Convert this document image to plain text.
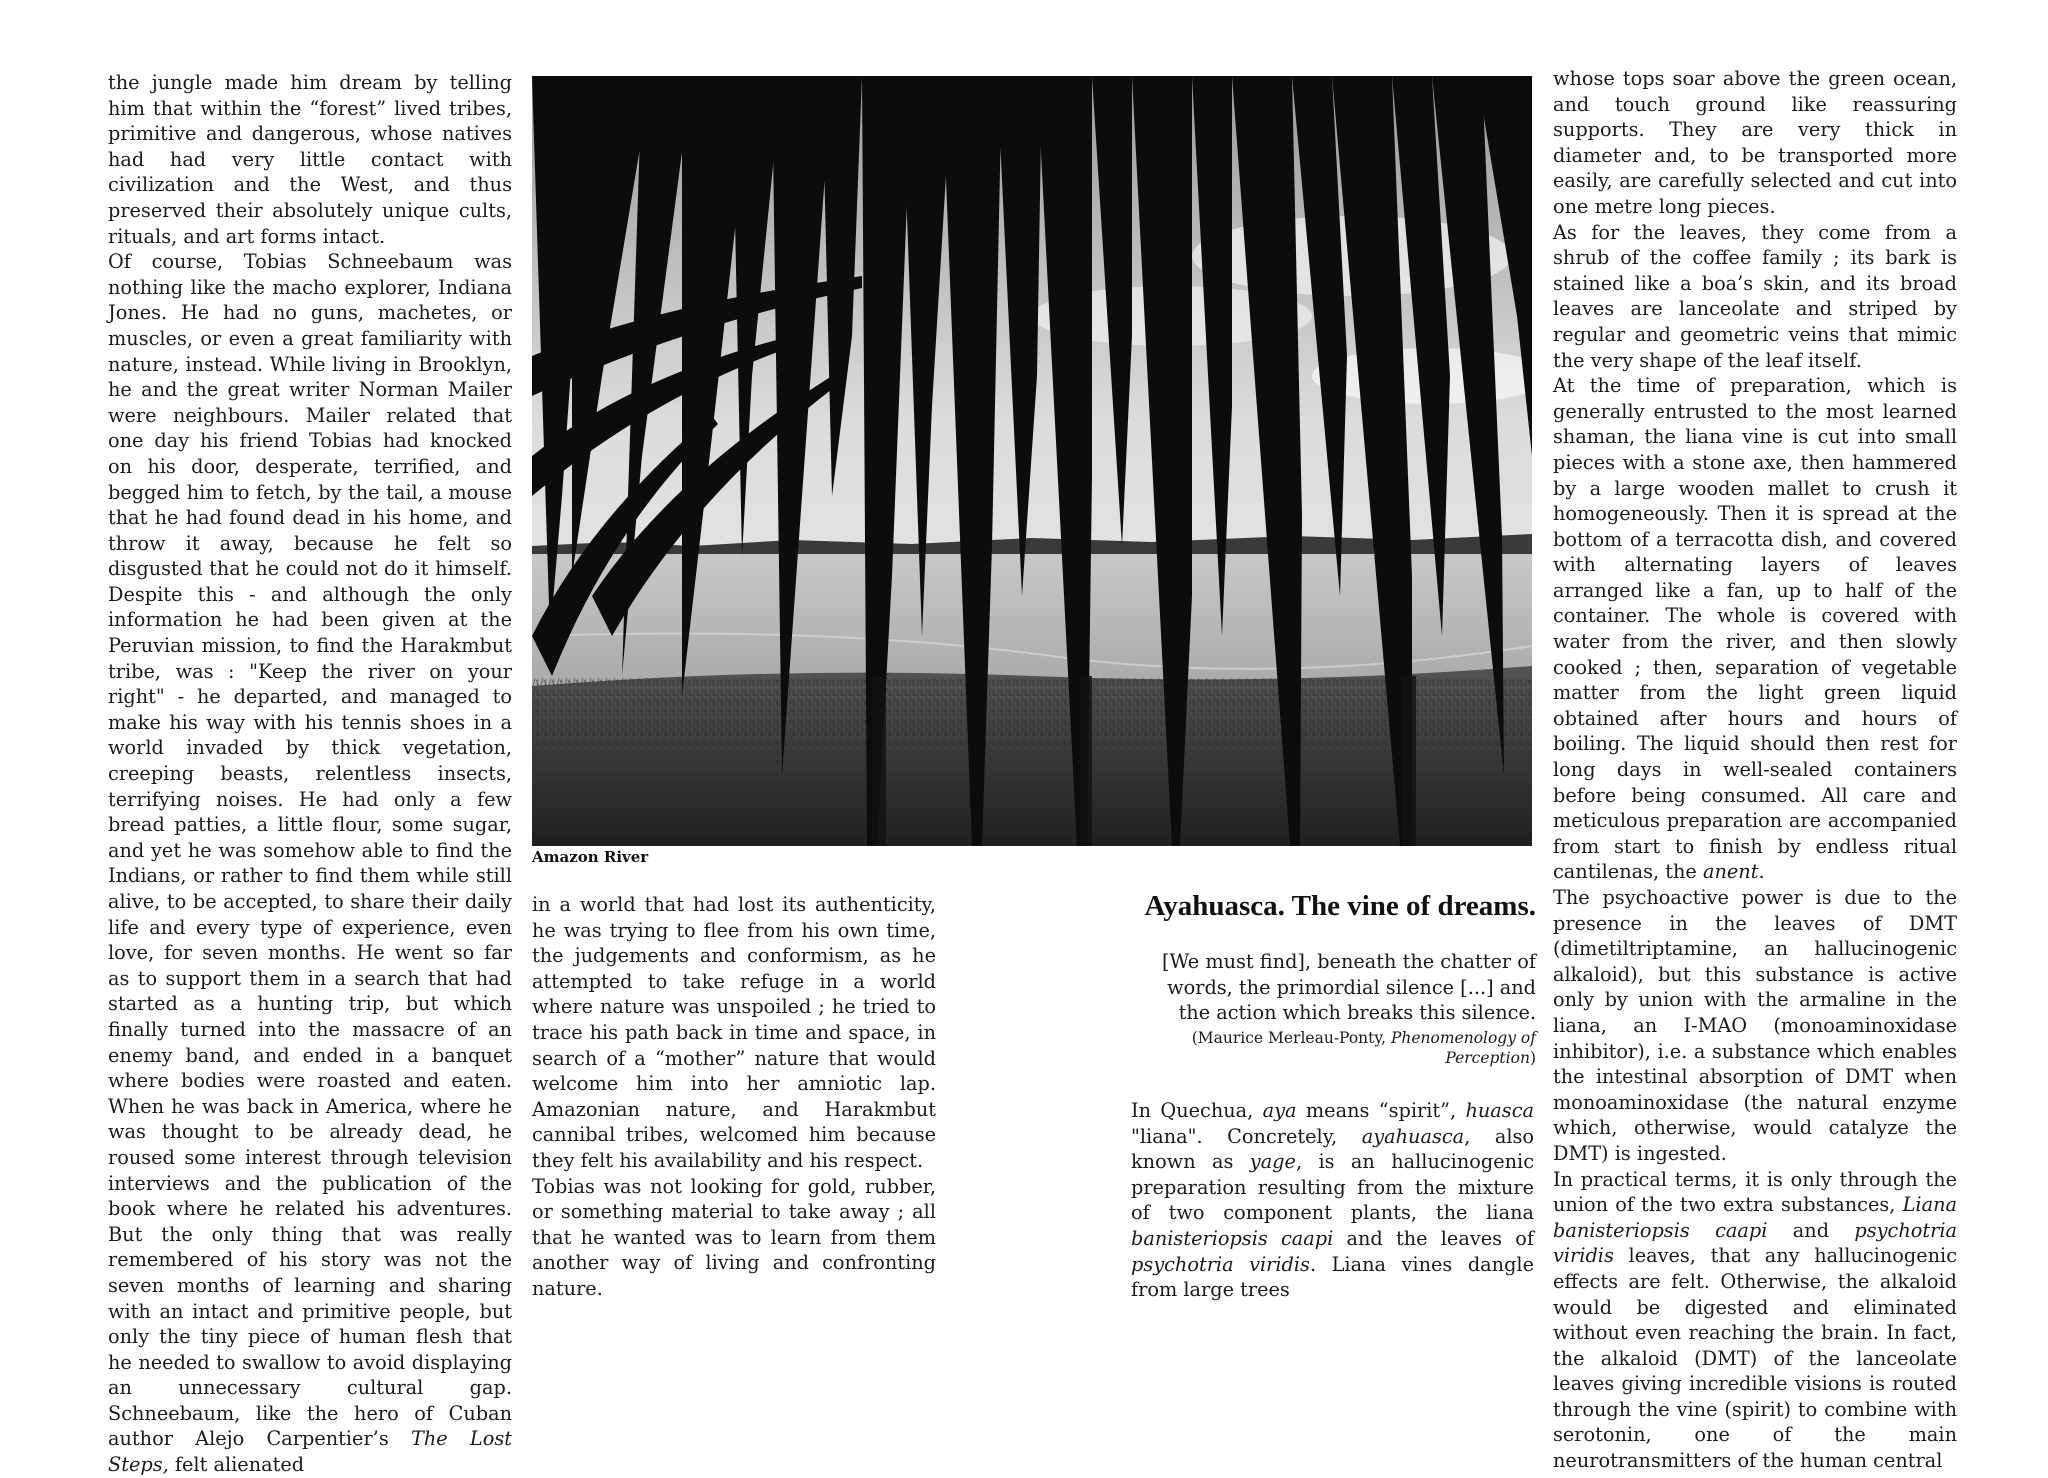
the jungle made him dream by telling him that within the “forest” lived tribes, primitive and dangerous, whose natives had had very little contact with civilization and the West, and thus preserved their absolutely unique cults, rituals, and art forms intact.

Of course, Tobias Schneebaum was nothing like the macho explorer, Indiana Jones. He had no guns, machetes, or muscles, or even a great familiarity with nature, instead. While living in Brooklyn, he and the great writer Norman Mailer were neighbours. Mailer related that one day his friend Tobias had knocked on his door, desperate, terrified, and begged him to fetch, by the tail, a mouse that he had found dead in his home, and throw it away, because he felt so disgusted that he could not do it himself. Despite this - and although the only information he had been given at the Peruvian mission, to find the Harakmbut tribe, was : "Keep the river on your right" - he departed, and managed to make his way with his tennis shoes in a world invaded by thick vegetation, creeping beasts, relentless insects, terrifying noises. He had only a few bread patties, a little flour, some sugar, and yet he was somehow able to find the Indians, or rather to find them while still alive, to be accepted, to share their daily life and every type of experience, even love, for seven months. He went so far as to support them in a search that had started as a hunting trip, but which finally turned into the massacre of an enemy band, and ended in a banquet where bodies were roasted and eaten. When he was back in America, where he was thought to be already dead, he roused some interest through television interviews and the publication of the book where he related his adventures. But the only thing that was really remembered of his story was not the seven months of learning and sharing with an intact and primitive people, but only the tiny piece of human flesh that he needed to swallow to avoid displaying an unnecessary cultural gap. Schneebaum, like the hero of Cuban author Alejo Carpentier’s The Lost Steps, felt alienated

Amazon River

in a world that had lost its authenticity, he was trying to flee from his own time, the judgements and conformism, as he attempted to take refuge in a world where nature was unspoiled ; he tried to trace his path back in time and space, in search of a “mother” nature that would welcome him into her amniotic lap. Amazonian nature, and Harakmbut cannibal tribes, welcomed him because they felt his availability and his respect.

Tobias was not looking for gold, rubber, or something material to take away ; all that he wanted was to learn from them another way of living and confronting nature.

Ayahuasca. The vine of dreams.

[We must find], beneath the chatter of words, the primordial silence [...] and the action which breaks this silence.

(Maurice Merleau-Ponty, Phenomenology of Perception)

In Quechua, aya means “spirit”, huasca "liana". Concretely, ayahuasca, also known as yage, is an hallucinogenic preparation resulting from the mixture of two component plants, the liana banisteriopsis caapi and the leaves of psychotria viridis. Liana vines dangle from large trees

whose tops soar above the green ocean, and touch ground like reassuring supports. They are very thick in diameter and, to be transported more easily, are carefully selected and cut into one metre long pieces.

As for the leaves, they come from a shrub of the coffee family ; its bark is stained like a boa’s skin, and its broad leaves are lanceolate and striped by regular and geometric veins that mimic the very shape of the leaf itself.

At the time of preparation, which is generally entrusted to the most learned shaman, the liana vine is cut into small pieces with a stone axe, then hammered by a large wooden mallet to crush it homogeneously. Then it is spread at the bottom of a terracotta dish, and covered with alternating layers of leaves arranged like a fan, up to half of the container. The whole is covered with water from the river, and then slowly cooked ; then, separation of vegetable matter from the light green liquid obtained after hours and hours of boiling. The liquid should then rest for long days in well-sealed containers before being consumed. All care and meticulous preparation are accompanied from start to finish by endless ritual cantilenas, the anent.

The psychoactive power is due to the presence in the leaves of DMT (dimetiltriptamine, an hallucinogenic alkaloid), but this substance is active only by union with the armaline in the liana, an I-MAO (monoaminoxidase inhibitor), i.e. a substance which enables the intestinal absorption of DMT when monoaminoxidase (the natural enzyme which, otherwise, would catalyze the DMT) is ingested.

In practical terms, it is only through the union of the two extra substances, Liana banisteriopsis caapi and psychotria viridis leaves, that any hallucinogenic effects are felt. Otherwise, the alkaloid would be digested and eliminated without even reaching the brain. In fact, the alkaloid (DMT) of the lanceolate leaves giving incredible visions is routed through the vine (spirit) to combine with serotonin, one of the main neurotransmitters of the human central
